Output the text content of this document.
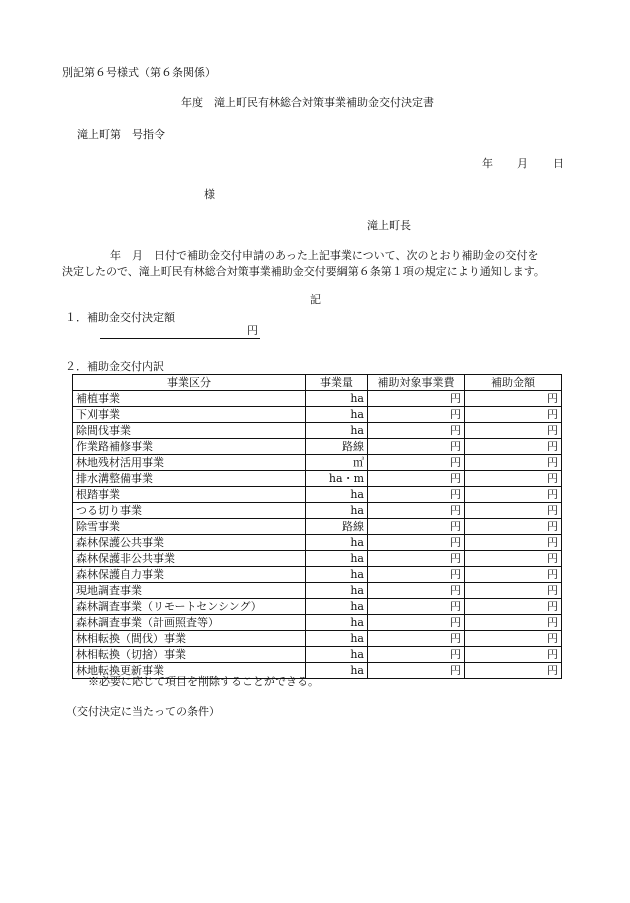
別記第６号様式（第６条関係）
年度　滝上町民有林総合対策事業補助金交付決定書
滝上町第　号指令
年 月 日
様
滝上町長
年　月　日付で補助金交付申請のあった上記事業について、次のとおり補助金の交付を
決定したので、滝上町民有林総合対策事業補助金交付要綱第６条第１項の規定により通知します。
記
１．補助金交付決定額
円
２．補助金交付内訳
事業区分	事業量	補助対象事業費	補助金額
補植事業	ha	円	円
下刈事業	ha	円	円
除間伐事業	ha	円	円
作業路補修事業	路線	円	円
林地残材活用事業	㎥	円	円
排水溝整備事業	ha・m	円	円
根踏事業	ha	円	円
つる切り事業	ha	円	円
除雪事業	路線	円	円
森林保護公共事業	ha	円	円
森林保護非公共事業	ha	円	円
森林保護自力事業	ha	円	円
現地調査事業	ha	円	円
森林調査事業（リモートセンシング）	ha	円	円
森林調査事業（計画照査等）	ha	円	円
林相転換（間伐）事業	ha	円	円
林相転換（切捨）事業	ha	円	円
林地転換更新事業	ha	円	円
※必要に応じて項目を削除することができる。
（交付決定に当たっての条件）
